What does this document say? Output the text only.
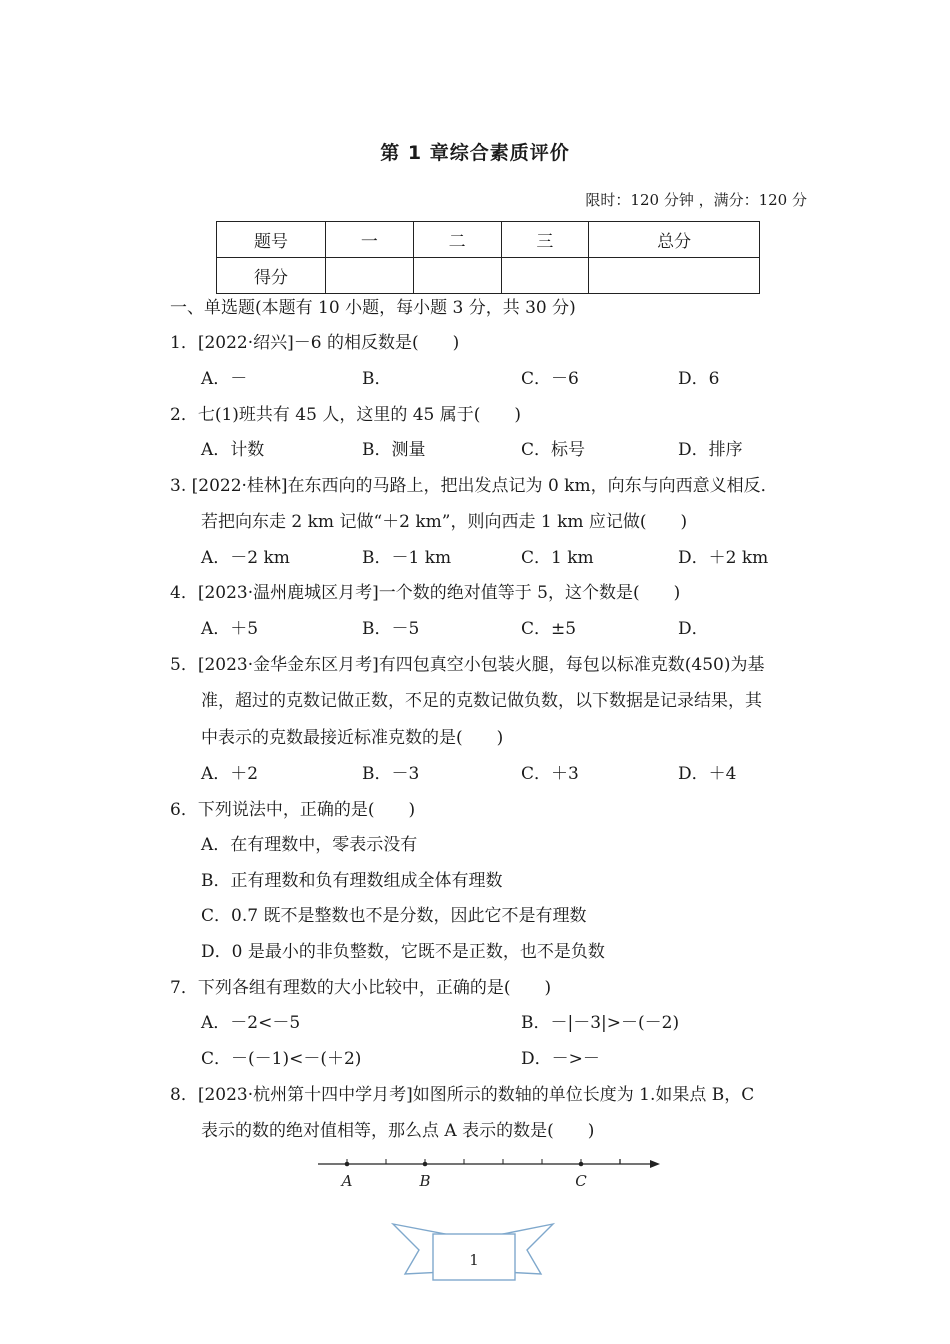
第 1 章综合素质评价
限时：120 分钟 ，满分：120 分
题号	一	二	三	总分
得分				
一、单选题(本题有 10 小题，每小题 3 分，共 30 分)
1．[2022·绍兴]－6 的相反数是(　　)
A．－	B．	C．－6	D．6
2．七(1)班共有 45 人，这里的 45 属于(　　)
A．计数	B．测量	C．标号	D．排序
3. [2022·桂林]在东西向的马路上，把出发点记为 0 km，向东与向西意义相反．
若把向东走 2 km 记做“＋2 km”，则向西走 1 km 应记做(　　)
A．－2 km	B．－1 km	C．1 km	D．＋2 km
4．[2023·温州鹿城区月考]一个数的绝对值等于 5，这个数是(　　)
A．＋5	B．－5	C．±5	D．
5．[2023·金华金东区月考]有四包真空小包装火腿，每包以标准克数(450)为基
准，超过的克数记做正数，不足的克数记做负数，以下数据是记录结果，其
中表示的克数最接近标准克数的是(　　)
A．＋2	B．－3	C．＋3	D．＋4
6．下列说法中，正确的是(　　)
A．在有理数中，零表示没有
B．正有理数和负有理数组成全体有理数
C．0.7 既不是整数也不是分数，因此它不是有理数
D．0 是最小的非负整数，它既不是正数，也不是负数
7．下列各组有理数的大小比较中，正确的是(　　)
A．－2<－5	B．－|－3|>－(－2)
C．－(－1)<－(＋2)	D．－>－
8．[2023·杭州第十四中学月考]如图所示的数轴的单位长度为 1.如果点 B，C
表示的数的绝对值相等，那么点 A 表示的数是(　　)
A	B	C
1
